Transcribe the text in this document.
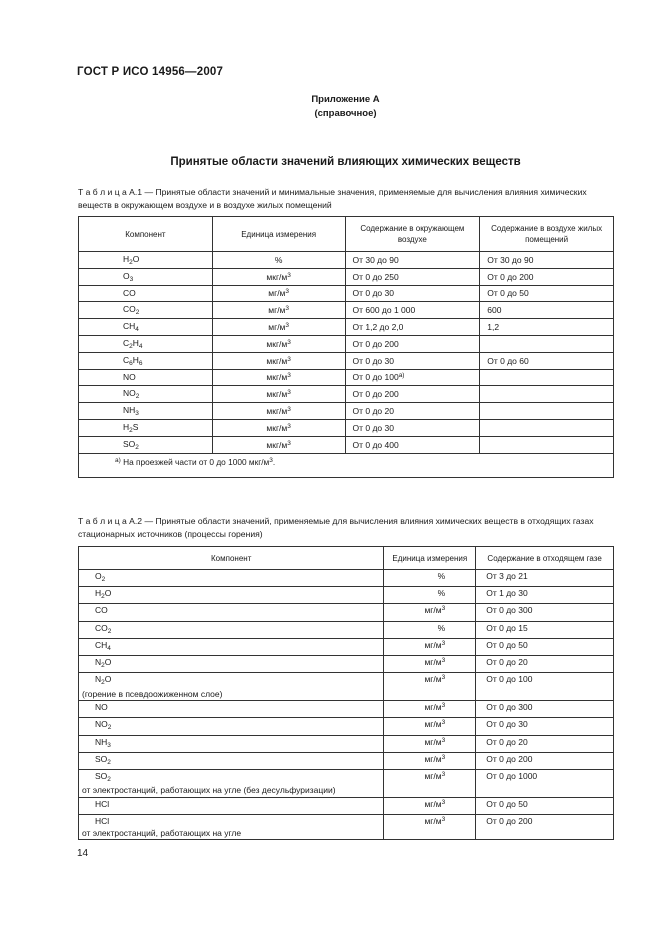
ГОСТ Р ИСО 14956—2007
Приложение А
(справочное)
Принятые области значений влияющих химических веществ
Т а б л и ц а А.1 — Принятые области значений и минимальные значения, применяемые для вычисления влияния химических веществ в окружающем воздухе и в воздухе жилых помещений
Компонент	Единица измерения	Содержание в окружающем воздухе	Содержание в воздухе жилых помещений
$H_2O$	%	От 30 до 90	От 30 до 90
$O_3$	мкг/$м^3$	От 0 до 250	От 0 до 200
CO	$мг/м^3$	От 0 до 30	От 0 до 50
$CO_2$	$мг/м^3$	От 600 до 1 000	600
$CH_4$	$мг/м^3$	От 1,2 до 2,0	1,2
$C_2H_4$	мкг/$м^3$	От 0 до 200	
$C_6H_6$	мкг/$м^3$	От 0 до 30	От 0 до 60
NO	мкг/$м^3$	От 0 до $100^{а)}$	
$NO_2$	мкг/$м^3$	От 0 до 200	
$NH_3$	мкг/$м^3$	От 0 до 20	
$H_2S$	мкг/$м^3$	От 0 до 30	
$SO_2$	мкг/$м^3$	От 0 до 400	
$^{а)}$ На проезжей части от 0 до 1000 мкг/$м^3$.			
Т а б л и ц а А.2 — Принятые области значений, применяемые для вычисления влияния химических веществ в отходящих газах стационарных источников (процессы горения)
Компонент	Единица измерения	Содержание в отходящем газе
$O_2$	%	От 3 до 21
$H_2O$	%	От 1 до 30
CO	$мг/м^3$	От 0 до 300
$CO_2$	%	От 0 до 15
$CH_4$	$мг/м^3$	От 0 до 50
$N_2O$	$мг/м^3$	От 0 до 20
$N_2O$
(горение в псевдоожиженном слое)	$мг/м^3$	От 0 до 100
NO	$мг/м^3$	От 0 до 300
$NO_2$	$мг/м^3$	От 0 до 30
$NH_3$	$мг/м^3$	От 0 до 20
$SO_2$	$мг/м^3$	От 0 до 200
$SO_2$
от электростанций, работающих на угле (без десульфуризации)	$мг/м^3$	От 0 до 1000
HCl	$мг/м^3$	От 0 до 50
HCl
от электростанций, работающих на угле	$мг/м^3$	От 0 до 200
14
